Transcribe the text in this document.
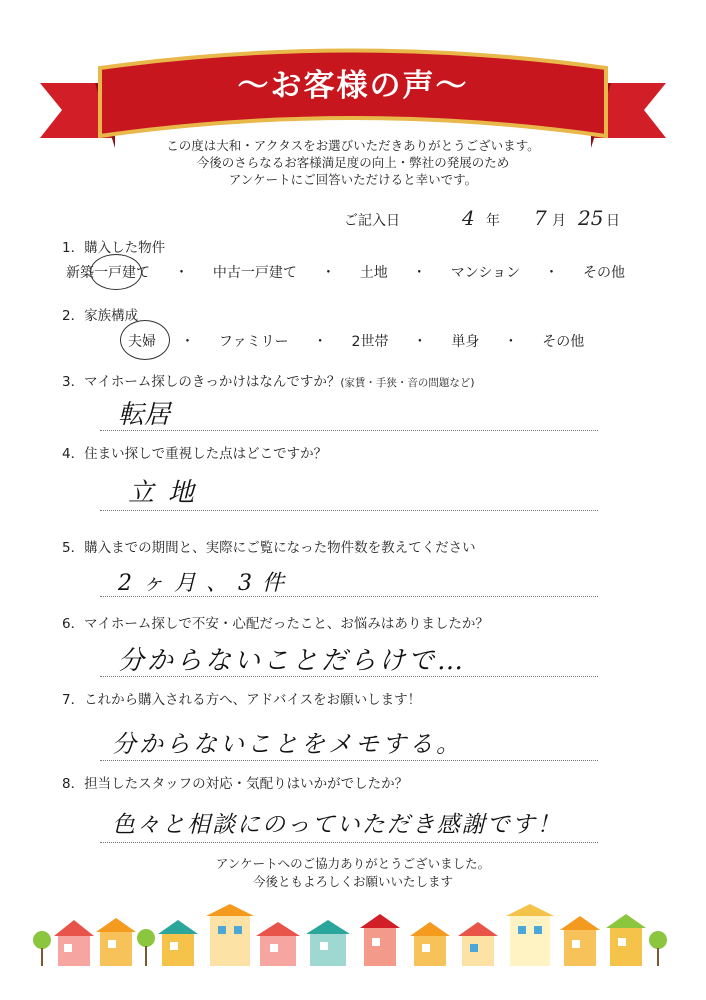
〜お客様の声〜
この度は大和・アクタスをお選びいただきありがとうございます。
今後のさらなるお客様満足度の向上・弊社の発展のため
アンケートにご回答いただけると幸いです。
ご記入日	4 年 7 月 25 日
1．購入した物件
新築一戸建て ・ 中古一戸建て ・ 土地 ・ マンション ・ その他
2．家族構成
夫婦 ・ ファミリー ・ 2世帯 ・ 単身 ・ その他
3．マイホーム探しのきっかけはなんですか？(家賃・手狭・音の問題など)
転居
4．住まい探しで重視した点はどこですか？
立地
5．購入までの期間と、実際にご覧になった物件数を教えてください
2ヶ月、3件
6．マイホーム探しで不安・心配だったこと、お悩みはありましたか？
分からないことだらけで…
7．これから購入される方へ、アドバイスをお願いします！
分からないことをメモする。
8．担当したスタッフの対応・気配りはいかがでしたか？
色々と相談にのっていただき感謝です！
アンケートへのご協力ありがとうございました。
今後ともよろしくお願いいたします
